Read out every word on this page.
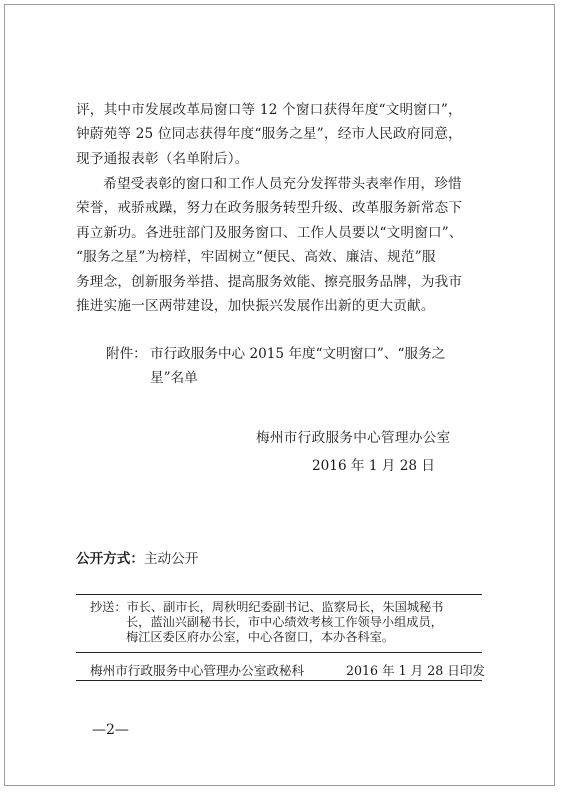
评，其中市发展改革局窗口等 12 个窗口获得年度“文明窗口”，
钟蔚苑等 25 位同志获得年度“服务之星”，经市人民政府同意，
现予通报表彰（名单附后）。
希望受表彰的窗口和工作人员充分发挥带头表率作用，珍惜
荣誉，戒骄戒躁，努力在政务服务转型升级、改革服务新常态下
再立新功。各进驻部门及服务窗口、工作人员要以“文明窗口”、
“服务之星”为榜样，牢固树立“便民、高效、廉洁、规范”服
务理念，创新服务举措、提高服务效能、擦亮服务品牌，为我市
推进实施一区两带建设，加快振兴发展作出新的更大贡献。
附件： 市行政服务中心 2015 年度“文明窗口”、“服务之
星”名单
梅州市行政服务中心管理办公室
2016 年 1 月 28 日
公开方式：主动公开
抄送：市长、副市长，周秋明纪委副书记、监察局长，朱国城秘书
长，蓝汕兴副秘书长，市中心绩效考核工作领导小组成员，
梅江区委区府办公室，中心各窗口，本办各科室。
梅州市行政服务中心管理办公室政秘科	2016 年 1 月 28 日印发
—2—
